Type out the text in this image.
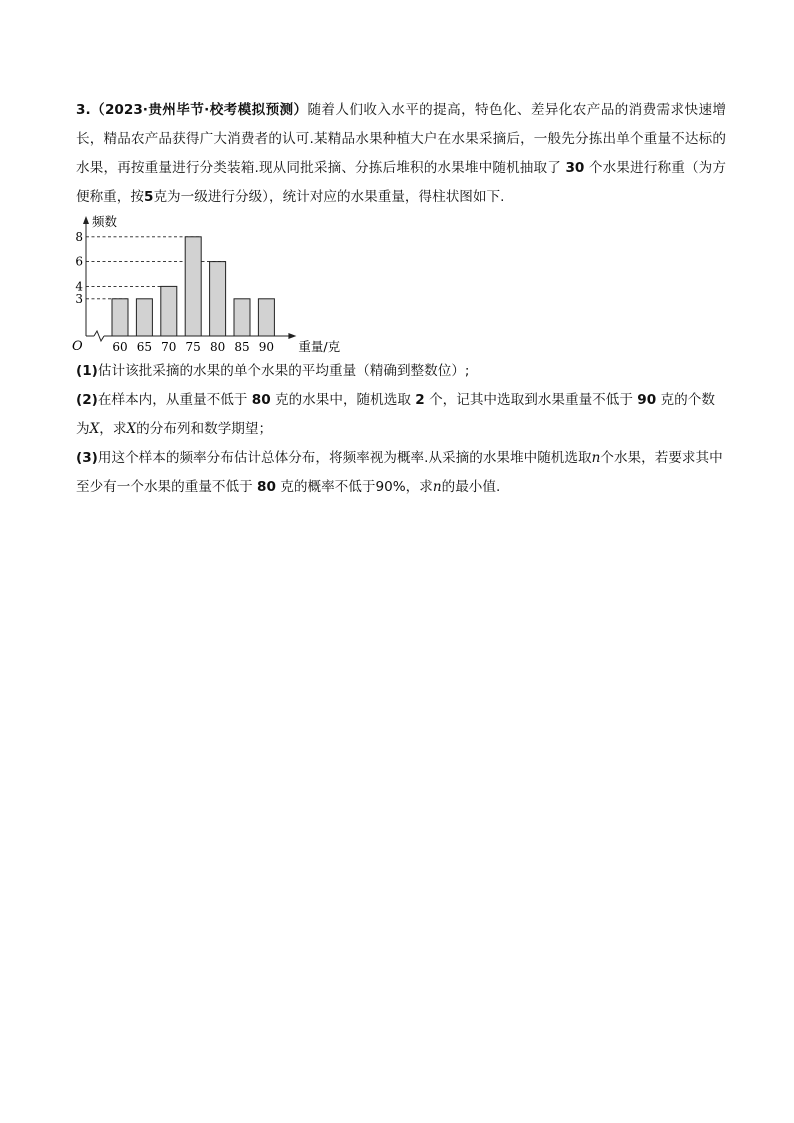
3.（2023·贵州毕节·校考模拟预测）随着人们收入水平的提高，特色化、差异化农产品的消费需求快速增长，精品农产品获得广大消费者的认可.某精品水果种植大户在水果采摘后，一般先分拣出单个重量不达标的水果，再按重量进行分类装箱.现从同批采摘、分拣后堆积的水果堆中随机抽取了 30 个水果进行称重（为方便称重，按5克为一级进行分级），统计对应的水果重量，得柱状图如下.

3
4
6
8
60 65 70 75 80 85 90
O
频数
重量/克

(1)估计该批采摘的水果的单个水果的平均重量（精确到整数位）;

(2)在样本内，从重量不低于 80 克的水果中，随机选取 2 个，记其中选取到水果重量不低于 90 克的个数为X，求X的分布列和数学期望；

(3)用这个样本的频率分布估计总体分布，将频率视为概率.从采摘的水果堆中随机选取n个水果，若要求其中至少有一个水果的重量不低于 80 克的概率不低于90%，求n的最小值.
